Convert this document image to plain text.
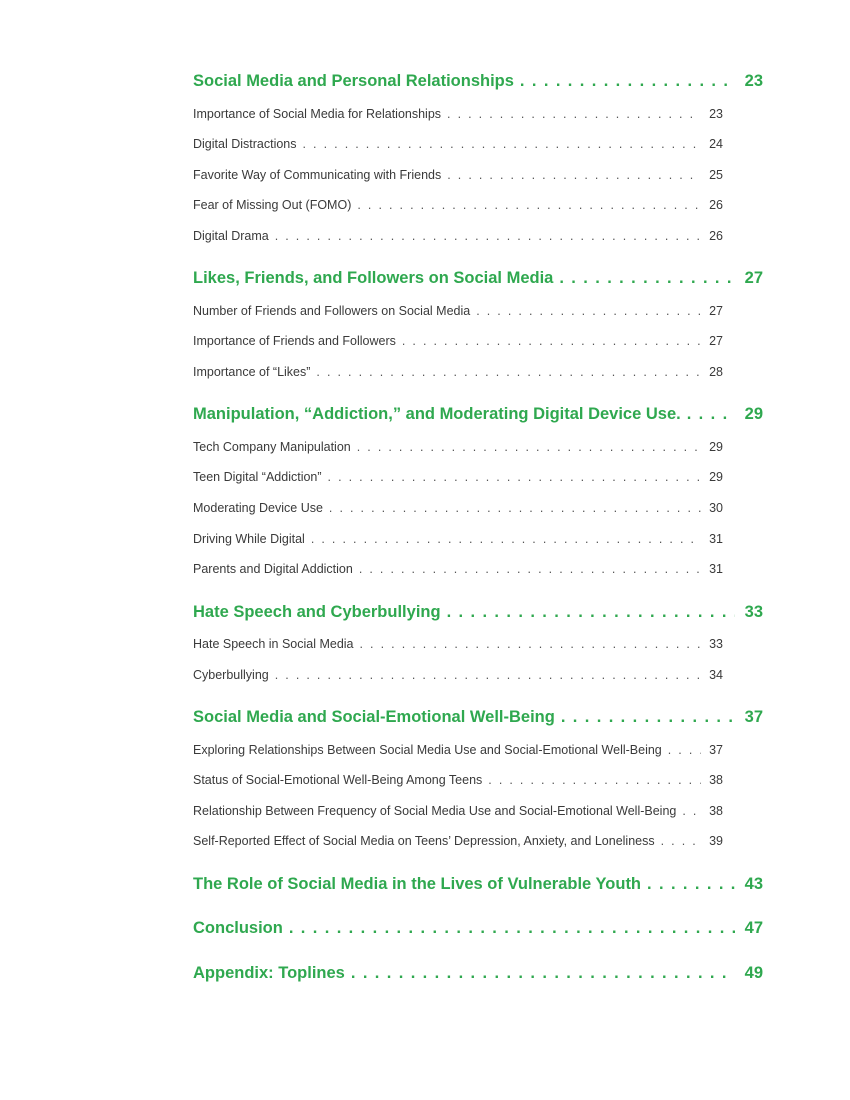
Social Media and Personal Relationships . . .	23
Importance of Social Media for Relationships . . .	23
Digital Distractions . . .	24
Favorite Way of Communicating with Friends . . .	25
Fear of Missing Out (FOMO) . . .	26
Digital Drama . . .	26
Likes, Friends, and Followers on Social Media . . .	27
Number of Friends and Followers on Social Media . . .	27
Importance of Friends and Followers . . .	27
Importance of “Likes” . . .	28
Manipulation, “Addiction,” and Moderating Digital Device Use. . . .	29
Tech Company Manipulation . . .	29
Teen Digital “Addiction” . . .	29
Moderating Device Use . . .	30
Driving While Digital . . .	31
Parents and Digital Addiction . . .	31
Hate Speech and Cyberbullying . . .	33
Hate Speech in Social Media . . .	33
Cyberbullying . . .	34
Social Media and Social-Emotional Well-Being . . .	37
Exploring Relationships Between Social Media Use and Social-Emotional Well-Being . . .	37
Status of Social-Emotional Well-Being Among Teens . . .	38
Relationship Between Frequency of Social Media Use and Social-Emotional Well-Being . . .	38
Self-Reported Effect of Social Media on Teens’ Depression, Anxiety, and Loneliness . . .	39
The Role of Social Media in the Lives of Vulnerable Youth . . .	43
Conclusion . . .	47
Appendix: Toplines . . .	49
